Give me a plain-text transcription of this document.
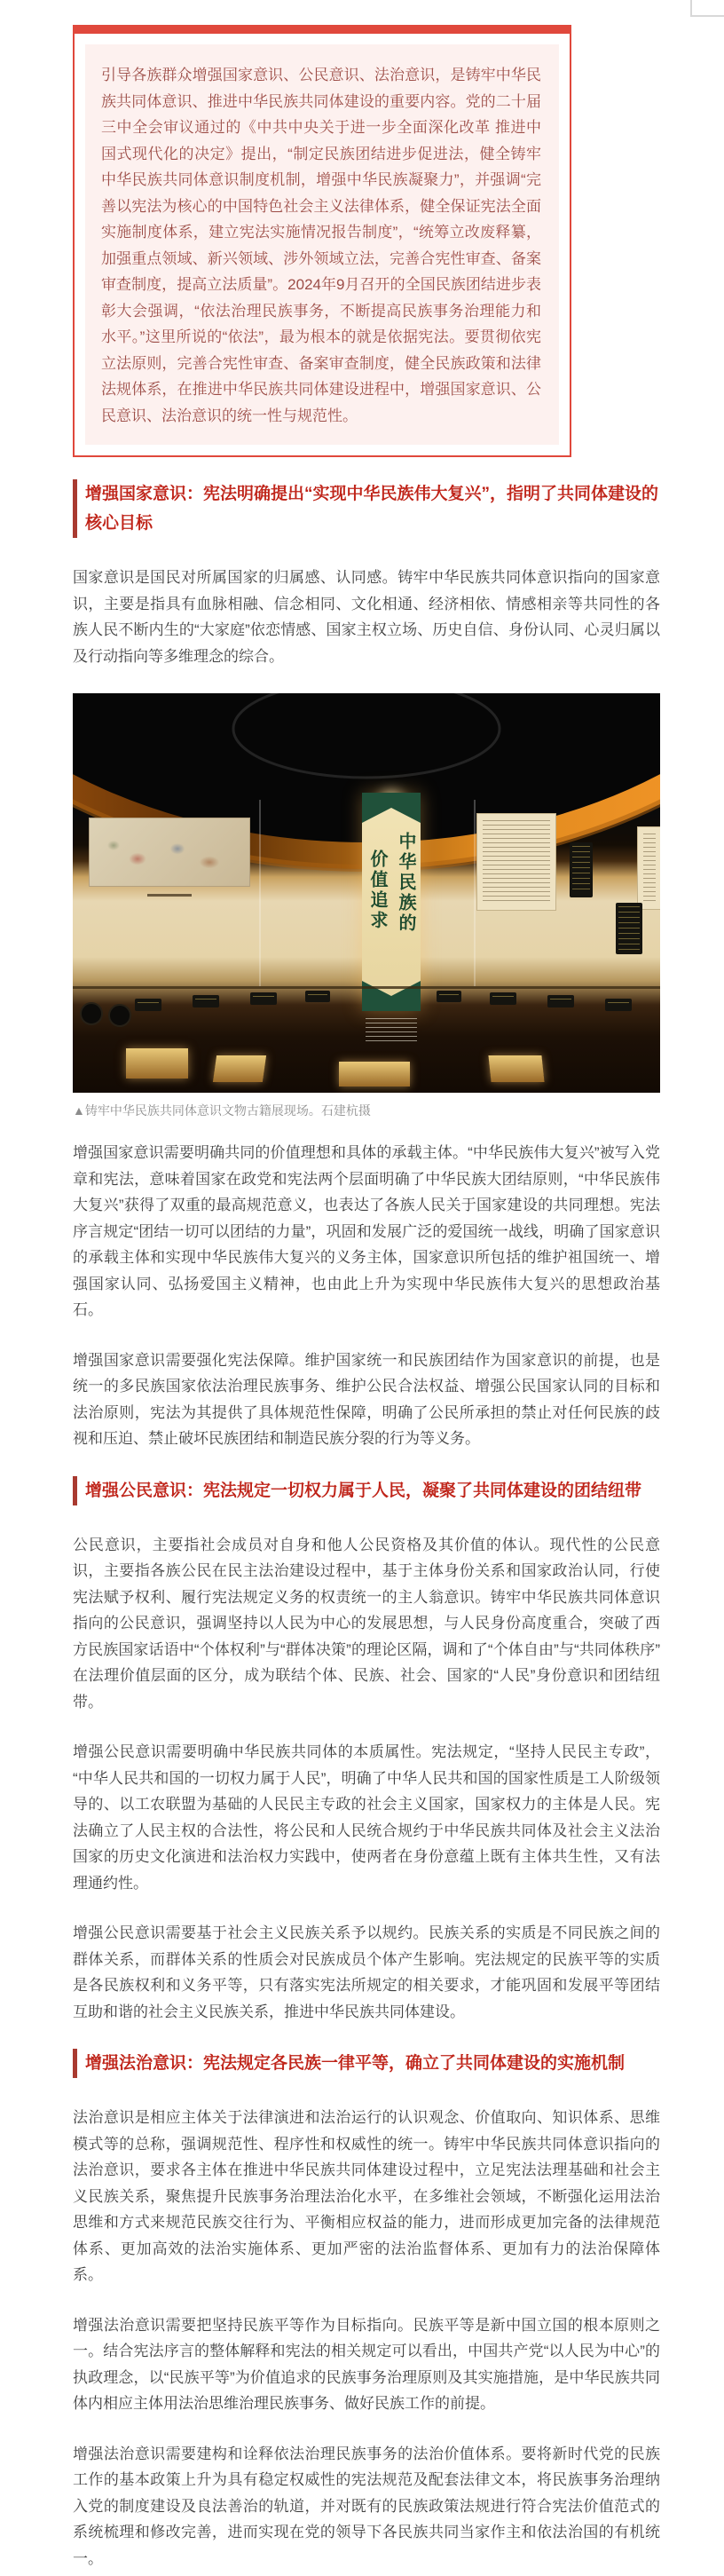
引导各族群众增强国家意识、公民意识、法治意识，是铸牢中华民族共同体意识、推进中华民族共同体建设的重要内容。党的二十届三中全会审议通过的《中共中央关于进一步全面深化改革 推进中国式现代化的决定》提出，“制定民族团结进步促进法，健全铸牢中华民族共同体意识制度机制，增强中华民族凝聚力”，并强调“完善以宪法为核心的中国特色社会主义法律体系，健全保证宪法全面实施制度体系，建立宪法实施情况报告制度”，“统筹立改废释纂，加强重点领域、新兴领域、涉外领域立法，完善合宪性审查、备案审查制度，提高立法质量”。2024年9月召开的全国民族团结进步表彰大会强调，“依法治理民族事务，不断提高民族事务治理能力和水平。”这里所说的“依法”，最为根本的就是依据宪法。要贯彻依宪立法原则，完善合宪性审查、备案审查制度，健全民族政策和法律法规体系，在推进中华民族共同体建设进程中，增强国家意识、公民意识、法治意识的统一性与规范性。
增强国家意识：宪法明确提出“实现中华民族伟大复兴”，指明了共同体建设的核心目标

国家意识是国民对所属国家的归属感、认同感。铸牢中华民族共同体意识指向的国家意识，主要是指具有血脉相融、信念相同、文化相通、经济相依、情感相亲等共同性的各族人民不断内生的“大家庭”依恋情感、国家主权立场、历史自信、身份认同、心灵归属以及行动指向等多维理念的综合。

中华民族的
价值追求
▲铸牢中华民族共同体意识文物古籍展现场。石建杭摄

增强国家意识需要明确共同的价值理想和具体的承载主体。“中华民族伟大复兴”被写入党章和宪法，意味着国家在政党和宪法两个层面明确了中华民族大团结原则，“中华民族伟大复兴”获得了双重的最高规范意义，也表达了各族人民关于国家建设的共同理想。宪法序言规定“团结一切可以团结的力量”，巩固和发展广泛的爱国统一战线，明确了国家意识的承载主体和实现中华民族伟大复兴的义务主体，国家意识所包括的维护祖国统一、增强国家认同、弘扬爱国主义精神，也由此上升为实现中华民族伟大复兴的思想政治基石。

增强国家意识需要强化宪法保障。维护国家统一和民族团结作为国家意识的前提，也是统一的多民族国家依法治理民族事务、维护公民合法权益、增强公民国家认同的目标和法治原则，宪法为其提供了具体规范性保障，明确了公民所承担的禁止对任何民族的歧视和压迫、禁止破坏民族团结和制造民族分裂的行为等义务。

增强公民意识：宪法规定一切权力属于人民，凝聚了共同体建设的团结纽带

公民意识，主要指社会成员对自身和他人公民资格及其价值的体认。现代性的公民意识，主要指各族公民在民主法治建设过程中，基于主体身份关系和国家政治认同，行使宪法赋予权利、履行宪法规定义务的权责统一的主人翁意识。铸牢中华民族共同体意识指向的公民意识，强调坚持以人民为中心的发展思想，与人民身份高度重合，突破了西方民族国家话语中“个体权利”与“群体决策”的理论区隔，调和了“个体自由”与“共同体秩序”在法理价值层面的区分，成为联结个体、民族、社会、国家的“人民”身份意识和团结纽带。

增强公民意识需要明确中华民族共同体的本质属性。宪法规定，“坚持人民民主专政”，“中华人民共和国的一切权力属于人民”，明确了中华人民共和国的国家性质是工人阶级领导的、以工农联盟为基础的人民民主专政的社会主义国家，国家权力的主体是人民。宪法确立了人民主权的合法性，将公民和人民统合规约于中华民族共同体及社会主义法治国家的历史文化演进和法治权力实践中，使两者在身份意蕴上既有主体共生性，又有法理通约性。

增强公民意识需要基于社会主义民族关系予以规约。民族关系的实质是不同民族之间的群体关系，而群体关系的性质会对民族成员个体产生影响。宪法规定的民族平等的实质是各民族权利和义务平等，只有落实宪法所规定的相关要求，才能巩固和发展平等团结互助和谐的社会主义民族关系，推进中华民族共同体建设。

增强法治意识：宪法规定各民族一律平等，确立了共同体建设的实施机制

法治意识是相应主体关于法律演进和法治运行的认识观念、价值取向、知识体系、思维模式等的总称，强调规范性、程序性和权威性的统一。铸牢中华民族共同体意识指向的法治意识，要求各主体在推进中华民族共同体建设过程中，立足宪法法理基础和社会主义民族关系，聚焦提升民族事务治理法治化水平，在多维社会领域，不断强化运用法治思维和方式来规范民族交往行为、平衡相应权益的能力，进而形成更加完备的法律规范体系、更加高效的法治实施体系、更加严密的法治监督体系、更加有力的法治保障体系。

增强法治意识需要把坚持民族平等作为目标指向。民族平等是新中国立国的根本原则之一。结合宪法序言的整体解释和宪法的相关规定可以看出，中国共产党“以人民为中心”的执政理念，以“民族平等”为价值追求的民族事务治理原则及其实施措施，是中华民族共同体内相应主体用法治思维治理民族事务、做好民族工作的前提。

增强法治意识需要建构和诠释依法治理民族事务的法治价值体系。要将新时代党的民族工作的基本政策上升为具有稳定权威性的宪法规范及配套法律文本，将民族事务治理纳入党的制度建设及良法善治的轨道，并对既有的民族政策法规进行符合宪法价值范式的系统梳理和修改完善，进而实现在党的领导下各民族共同当家作主和依法治国的有机统一。
